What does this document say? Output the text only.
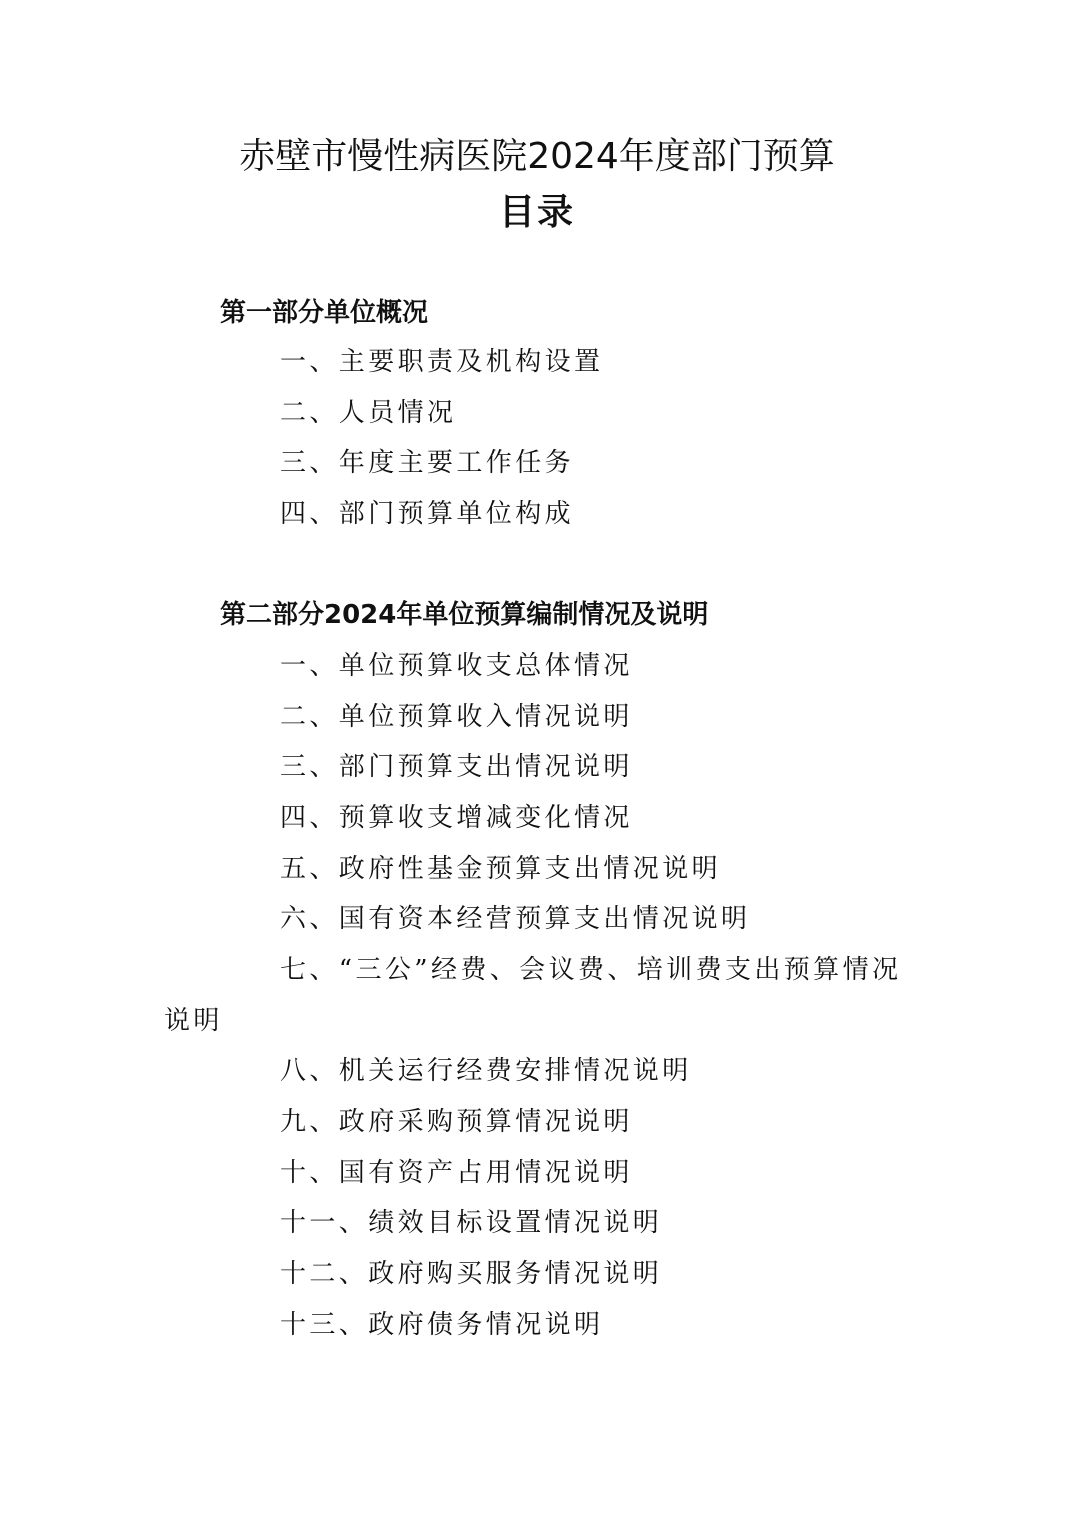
赤壁市慢性病医院2024年度部门预算
目录
第一部分单位概况
一、主要职责及机构设置
二、人员情况
三、年度主要工作任务
四、部门预算单位构成
第二部分2024年单位预算编制情况及说明
一、单位预算收支总体情况
二、单位预算收入情况说明
三、部门预算支出情况说明
四、预算收支增减变化情况
五、政府性基金预算支出情况说明
六、国有资本经营预算支出情况说明
七、“三公”经费、会议费、培训费支出预算情况
说明
八、机关运行经费安排情况说明
九、政府采购预算情况说明
十、国有资产占用情况说明
十一、绩效目标设置情况说明
十二、政府购买服务情况说明
十三、政府债务情况说明
